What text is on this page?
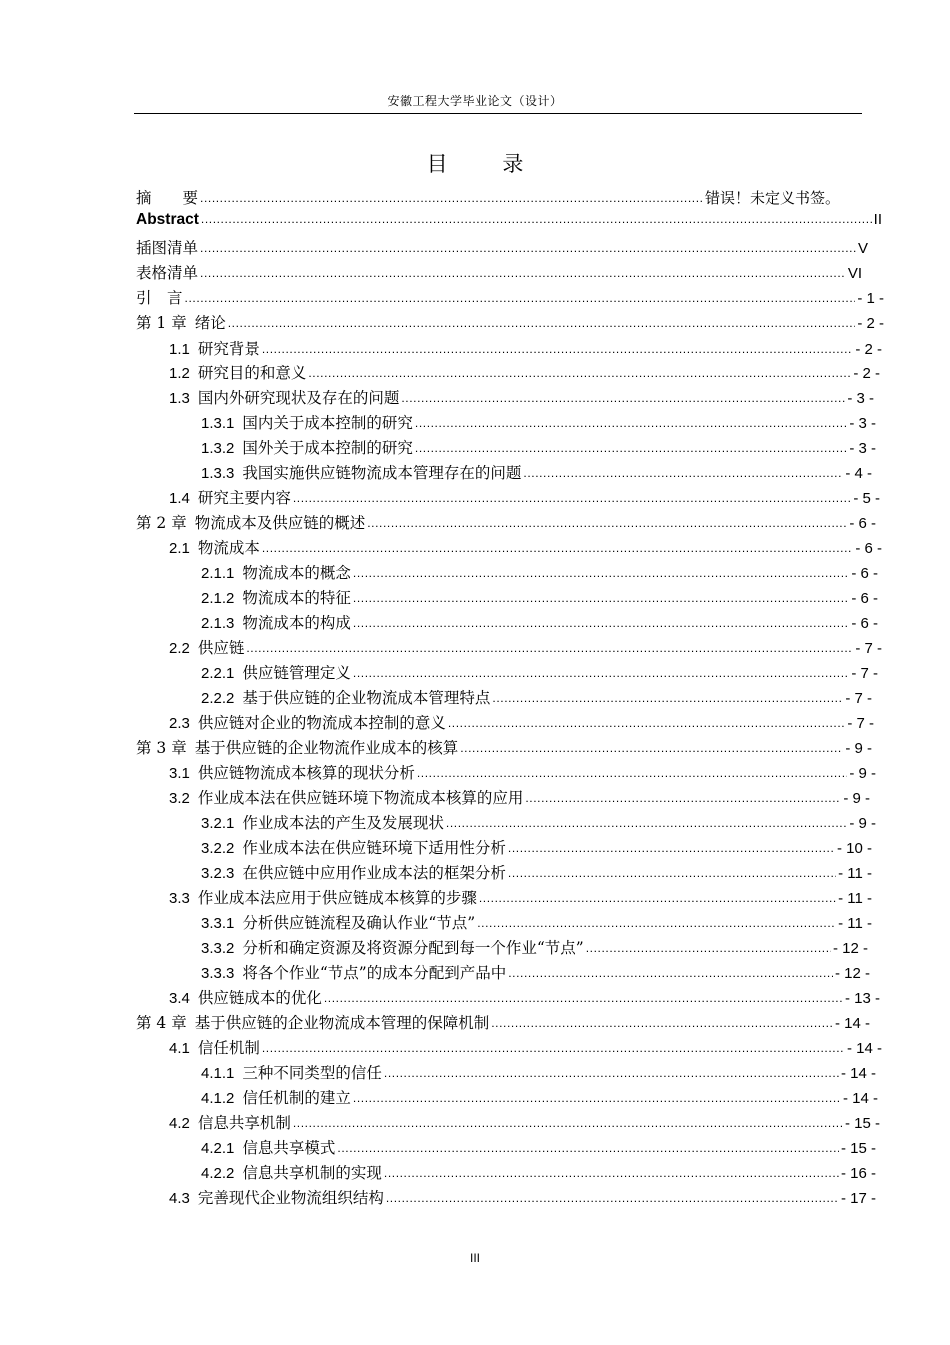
安徽工程大学毕业论文（设计）
目 录
摘　　要 .....	错误！未定义书签。
Abstract .....	II
插图清单 .....	V
表格清单 .....	VI
引　言 .....	- 1 -
第 1 章 绪论 .....	- 2 -
1.1 研究背景 .....	- 2 -
1.2 研究目的和意义 .....	- 2 -
1.3 国内外研究现状及存在的问题 .....	- 3 -
1.3.1 国内关于成本控制的研究 .....	- 3 -
1.3.2 国外关于成本控制的研究 .....	- 3 -
1.3.3 我国实施供应链物流成本管理存在的问题 .....	- 4 -
1.4 研究主要内容 .....	- 5 -
第 2 章 物流成本及供应链的概述 .....	- 6 -
2.1 物流成本 .....	- 6 -
2.1.1 物流成本的概念 .....	- 6 -
2.1.2 物流成本的特征 .....	- 6 -
2.1.3 物流成本的构成 .....	- 6 -
2.2 供应链 .....	- 7 -
2.2.1 供应链管理定义 .....	- 7 -
2.2.2 基于供应链的企业物流成本管理特点 .....	- 7 -
2.3 供应链对企业的物流成本控制的意义 .....	- 7 -
第 3 章 基于供应链的企业物流作业成本的核算 .....	- 9 -
3.1 供应链物流成本核算的现状分析 .....	- 9 -
3.2 作业成本法在供应链环境下物流成本核算的应用 .....	- 9 -
3.2.1 作业成本法的产生及发展现状 .....	- 9 -
3.2.2 作业成本法在供应链环境下适用性分析 .....	- 10 -
3.2.3 在供应链中应用作业成本法的框架分析 .....	- 11 -
3.3 作业成本法应用于供应链成本核算的步骤 .....	- 11 -
3.3.1 分析供应链流程及确认作业“节点” .....	- 11 -
3.3.2 分析和确定资源及将资源分配到每一个作业“节点” .....	- 12 -
3.3.3 将各个作业“节点”的成本分配到产品中 .....	- 12 -
3.4 供应链成本的优化 .....	- 13 -
第 4 章 基于供应链的企业物流成本管理的保障机制 .....	- 14 -
4.1 信任机制 .....	- 14 -
4.1.1 三种不同类型的信任 .....	- 14 -
4.1.2 信任机制的建立 .....	- 14 -
4.2 信息共享机制 .....	- 15 -
4.2.1 信息共享模式 .....	- 15 -
4.2.2 信息共享机制的实现 .....	- 16 -
4.3 完善现代企业物流组织结构 .....	- 17 -
III
